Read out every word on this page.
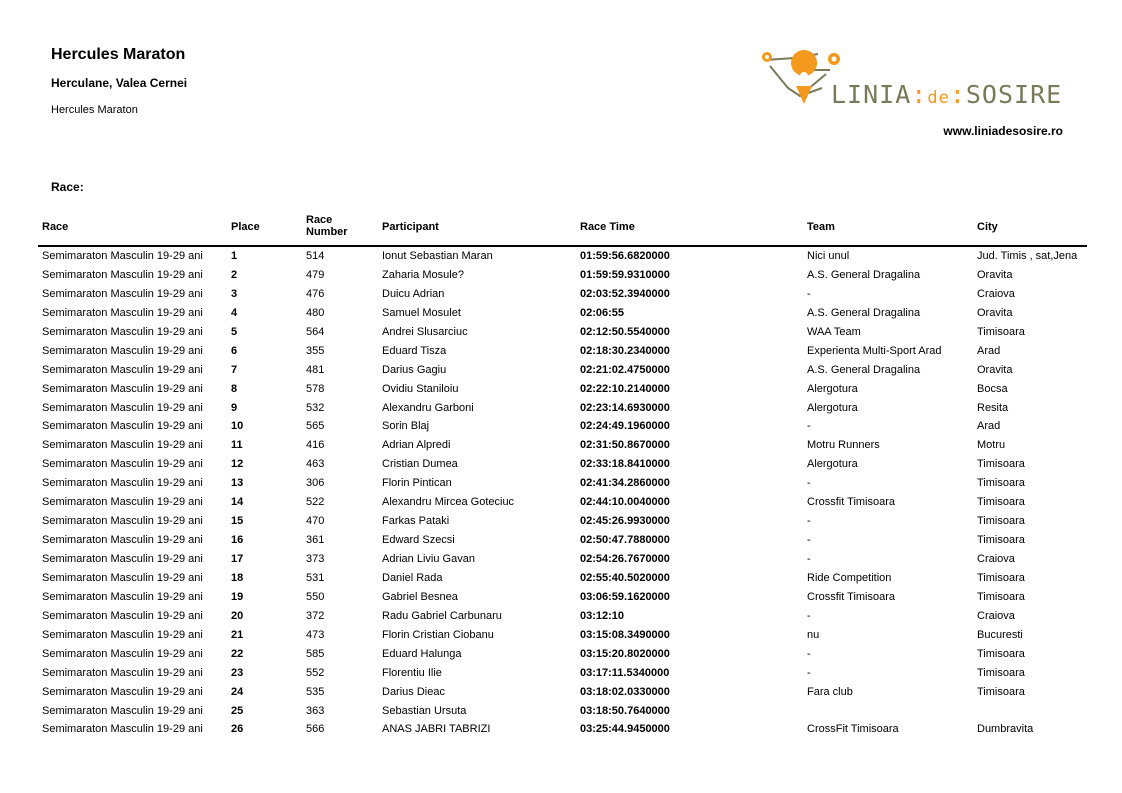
Hercules Maraton
Herculane, Valea Cernei
Hercules Maraton
LINIA:de:SOSIRE
www.liniadesosire.ro
Race:
Race	Place
Race
Number	Participant	Race Time	Team	City
Semimaraton Masculin 19-29 ani	1	514	Ionut Sebastian Maran	01:59:56.6820000	Nici unul	Jud. Timis , sat,Jena
Semimaraton Masculin 19-29 ani	2	479	Zaharia Mosule?	01:59:59.9310000	A.S. General Dragalina	Oravita
Semimaraton Masculin 19-29 ani	3	476	Duicu Adrian	02:03:52.3940000	-	Craiova
Semimaraton Masculin 19-29 ani	4	480	Samuel Mosulet	02:06:55	A.S. General Dragalina	Oravita
Semimaraton Masculin 19-29 ani	5	564	Andrei Slusarciuc	02:12:50.5540000	WAA Team	Timisoara
Semimaraton Masculin 19-29 ani	6	355	Eduard Tisza	02:18:30.2340000	Experienta Multi-Sport Arad	Arad
Semimaraton Masculin 19-29 ani	7	481	Darius Gagiu	02:21:02.4750000	A.S. General Dragalina	Oravita
Semimaraton Masculin 19-29 ani	8	578	Ovidiu Staniloiu	02:22:10.2140000	Alergotura	Bocsa
Semimaraton Masculin 19-29 ani	9	532	Alexandru Garboni	02:23:14.6930000	Alergotura	Resita
Semimaraton Masculin 19-29 ani	10	565	Sorin Blaj	02:24:49.1960000	-	Arad
Semimaraton Masculin 19-29 ani	11	416	Adrian Alpredi	02:31:50.8670000	Motru Runners	Motru
Semimaraton Masculin 19-29 ani	12	463	Cristian Dumea	02:33:18.8410000	Alergotura	Timisoara
Semimaraton Masculin 19-29 ani	13	306	Florin Pintican	02:41:34.2860000	-	Timisoara
Semimaraton Masculin 19-29 ani	14	522	Alexandru Mircea Goteciuc	02:44:10.0040000	Crossfit Timisoara	Timisoara
Semimaraton Masculin 19-29 ani	15	470	Farkas Pataki	02:45:26.9930000	-	Timisoara
Semimaraton Masculin 19-29 ani	16	361	Edward Szecsi	02:50:47.7880000	-	Timisoara
Semimaraton Masculin 19-29 ani	17	373	Adrian Liviu Gavan	02:54:26.7670000	-	Craiova
Semimaraton Masculin 19-29 ani	18	531	Daniel Rada	02:55:40.5020000	Ride Competition	Timisoara
Semimaraton Masculin 19-29 ani	19	550	Gabriel Besnea	03:06:59.1620000	Crossfit Timisoara	Timisoara
Semimaraton Masculin 19-29 ani	20	372	Radu Gabriel Carbunaru	03:12:10	-	Craiova
Semimaraton Masculin 19-29 ani	21	473	Florin Cristian Ciobanu	03:15:08.3490000	nu	Bucuresti
Semimaraton Masculin 19-29 ani	22	585	Eduard Halunga	03:15:20.8020000	-	Timisoara
Semimaraton Masculin 19-29 ani	23	552	Florentiu Ilie	03:17:11.5340000	-	Timisoara
Semimaraton Masculin 19-29 ani	24	535	Darius Dieac	03:18:02.0330000	Fara club	Timisoara
Semimaraton Masculin 19-29 ani	25	363	Sebastian Ursuta	03:18:50.7640000
Semimaraton Masculin 19-29 ani	26	566	ANAS JABRI TABRIZI	03:25:44.9450000	CrossFit Timisoara	Dumbravita
